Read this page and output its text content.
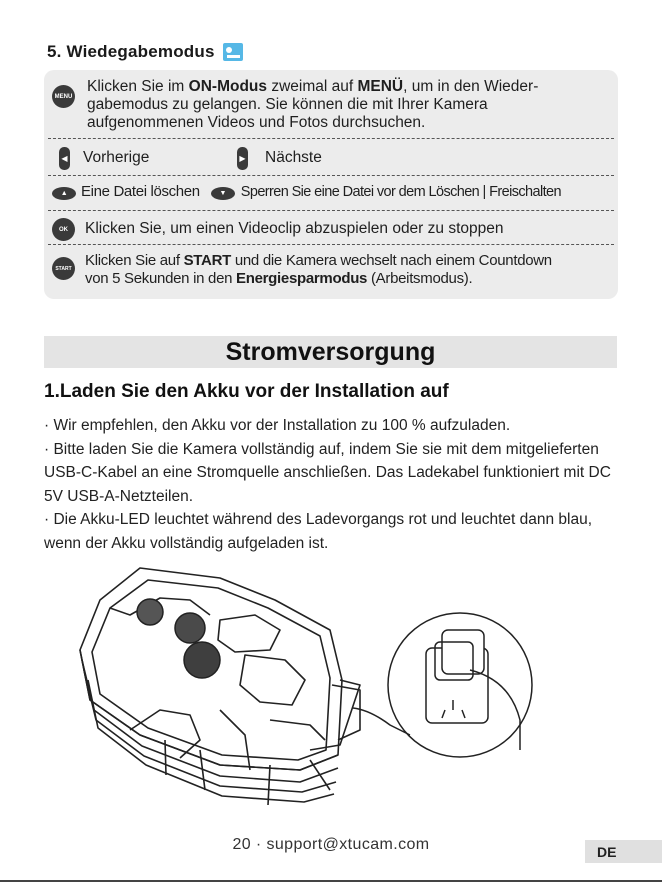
5. Wiedegabemodus
MENU
Klicken Sie im ON-Modus zweimal auf MENÜ, um in den Wieder-
gabemodus zu gelangen. Sie können die mit Ihrer Kamera
aufgenommenen Videos und Fotos durchsuchen.
◀ Vorherige	▶ Nächste
▲ Eine Datei löschen	▼	Sperren Sie eine Datei vor dem Löschen | Freischalten
OK	Klicken Sie, um einen Videoclip abzuspielen oder zu stoppen
START Klicken Sie auf START und die Kamera wechselt nach einem Countdown
von 5 Sekunden in den Energiesparmodus (Arbeitsmodus).
Stromversorgung
1.Laden Sie den Akku vor der Installation auf

· Wir empfehlen, den Akku vor der Installation zu 100 % aufzuladen.

· Bitte laden Sie die Kamera vollständig auf, indem Sie sie mit dem mitgelieferten USB-C-Kabel an eine Stromquelle anschließen. Das Ladekabel funktioniert mit DC 5V USB-A-Netzteilen.

· Die Akku-LED leuchtet während des Ladevorgangs rot und leuchtet dann blau, wenn der Akku vollständig aufgeladen ist.

20 · support@xtucam.com	DE
